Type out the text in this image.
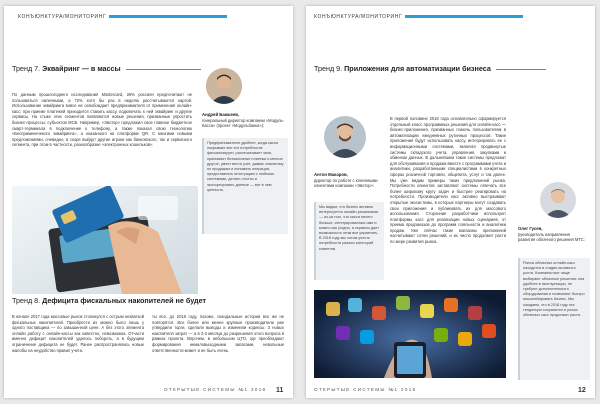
КОНЪЮНКТУРА/МОНИТОРИНГ
Тренд 7. Эквайринг — в массы
По данным прошлогоднего исследования Mastercard, 26% россиян предпочитают не пользоваться наличными, а 72% хотя бы раз в неделю рассчитываются картой. Использование эквайринга вовсе не освобождает предпринимателя от применения онлайн-касс: при приеме платежей приходится ставить кассу, подключать к ней эквайринг и другие сервисы. На стыке этих сегментов появляются новые решения, призванные упростить бизнес-процессы: субъектов МСБ. Например, «Эвотор» предложил свое главное бюджетное смарт-терминала в подключение к телефону, а также показал свою технологию «Бесприменеченого эквайринга», а оказанного на платформе QR. С многими новыми предложениями, очевидно, в скоре выйдут другие игроки как банковского, так и сервисного сегмента, при этом в частности, разнообразие «электронных кошельков».
Андрей Бакшеев,
генеральный директор компании «Модуль-Касса» (проект «Модульбанка»):
Предпринимателю удобнее, когда касса покрывает все его потребности: фискализирует, распечатывает чеки, принимает безналичные платежи и многое другое, умеет вести учет, давать аналитику по продажам и понимать операции, предоставлять интеграцию с любыми системами, делать отчеты и экспортировать данные — вот в чем ценность.
Тренд 8. Дефицита фискальных накопителей не будет
В начале 2017 года массовые рынок столкнулся с острым нехваткой фискальных накопителей. Приобрести их можно было лишь у одного поставщика — по завышенной цене. А без этого элемента онлайн работу с онлайн-кассы как известно, невозможна. Отчасти именно дефицит накопителей удалось побороть, а в будущем ограничение дефицита не будет. Ранее распространялись новые жалобы на неудобство правил учета.
ты все, до 2018 году, похоже, скандальные истории все же не повторятся. Все более или менее крупные производители уже утвердили торги, сделали выводы и изменили кодексы. 3 новых накопителя затрат — а в 2-3 месяца до разрешения этого вопроса в рамках проекта. Впрочем, в небольшом ЦТО, где преобладают формирования немаловыходными запасами, невольные ответственности может и не быть очень.
ОТКРЫТЫЕ СИСТЕМЫ №1 2018 11
КОНЪЮНКТУРА/МОНИТОРИНГ
Тренд 9. Приложения для автоматизации бизнеса
Антон Макаров,
директор по работе с ключевыми клиентами компании «Эвотор»:
Мы видим, что бизнес активно интересуется онлайн-решениями — из-за того, что касса ничего больше, интегрированных ими и можно как угодно, а сервисы дает возможность этим все управлять. В 2018 году мы хотим учесть потребности разных категорий клиентов.
В первой половине 2018 года основательно сформируется отдельный класс программных решений для онлайн-касс — бизнес-приложения, призванных помочь пользователям в автоматизации ежедневных рутинных процессов. Такие приложения будут использовать кассу, интегрировать ее с информационными системами, включая продвинутые системы складского учета, управления, закупками и обменом данных. В дальнейшем такие системы предложат для обслуживания и продажи вместе с программами учета и аналитики, разработанными специалистами в конкретных сферах розничной торговли, общепита, услуг и так далее. Мы уже видим примеры таких предложений рынка. Потребности клиентов заставляют системы отвечать все более широкому кругу задач и быстрее реагировать на потребности. Производители касс активно выстраивают открытые экосистемы, в которых партнеры могут создавать свои приложения и публиковать их для массового использования. Сторонние разработчики используют платформы касс для реализации новых сценариев, от приема предзаказов до программ лояльности и аналитики продаж. Уже сейчас такие магазины приложений насчитывают сотни решений, и их число продолжит расти по мере развития рынка.
Олег Гусев,
руководитель направления развития облачного решения МТС:
Рынок облачных онлайн-касс находится в стадии активного роста. Компании все чаще выбирают облачные решения: они удобнее в эксплуатации, не требуют дополнительного оборудования и позволяют быстро масштабировать бизнес. Мы ожидаем, что в 2018 году эта тенденция сохранится и рынок облачных касс продолжит расти.
ОТКРЫТЫЕ СИСТЕМЫ №1 2018	12
